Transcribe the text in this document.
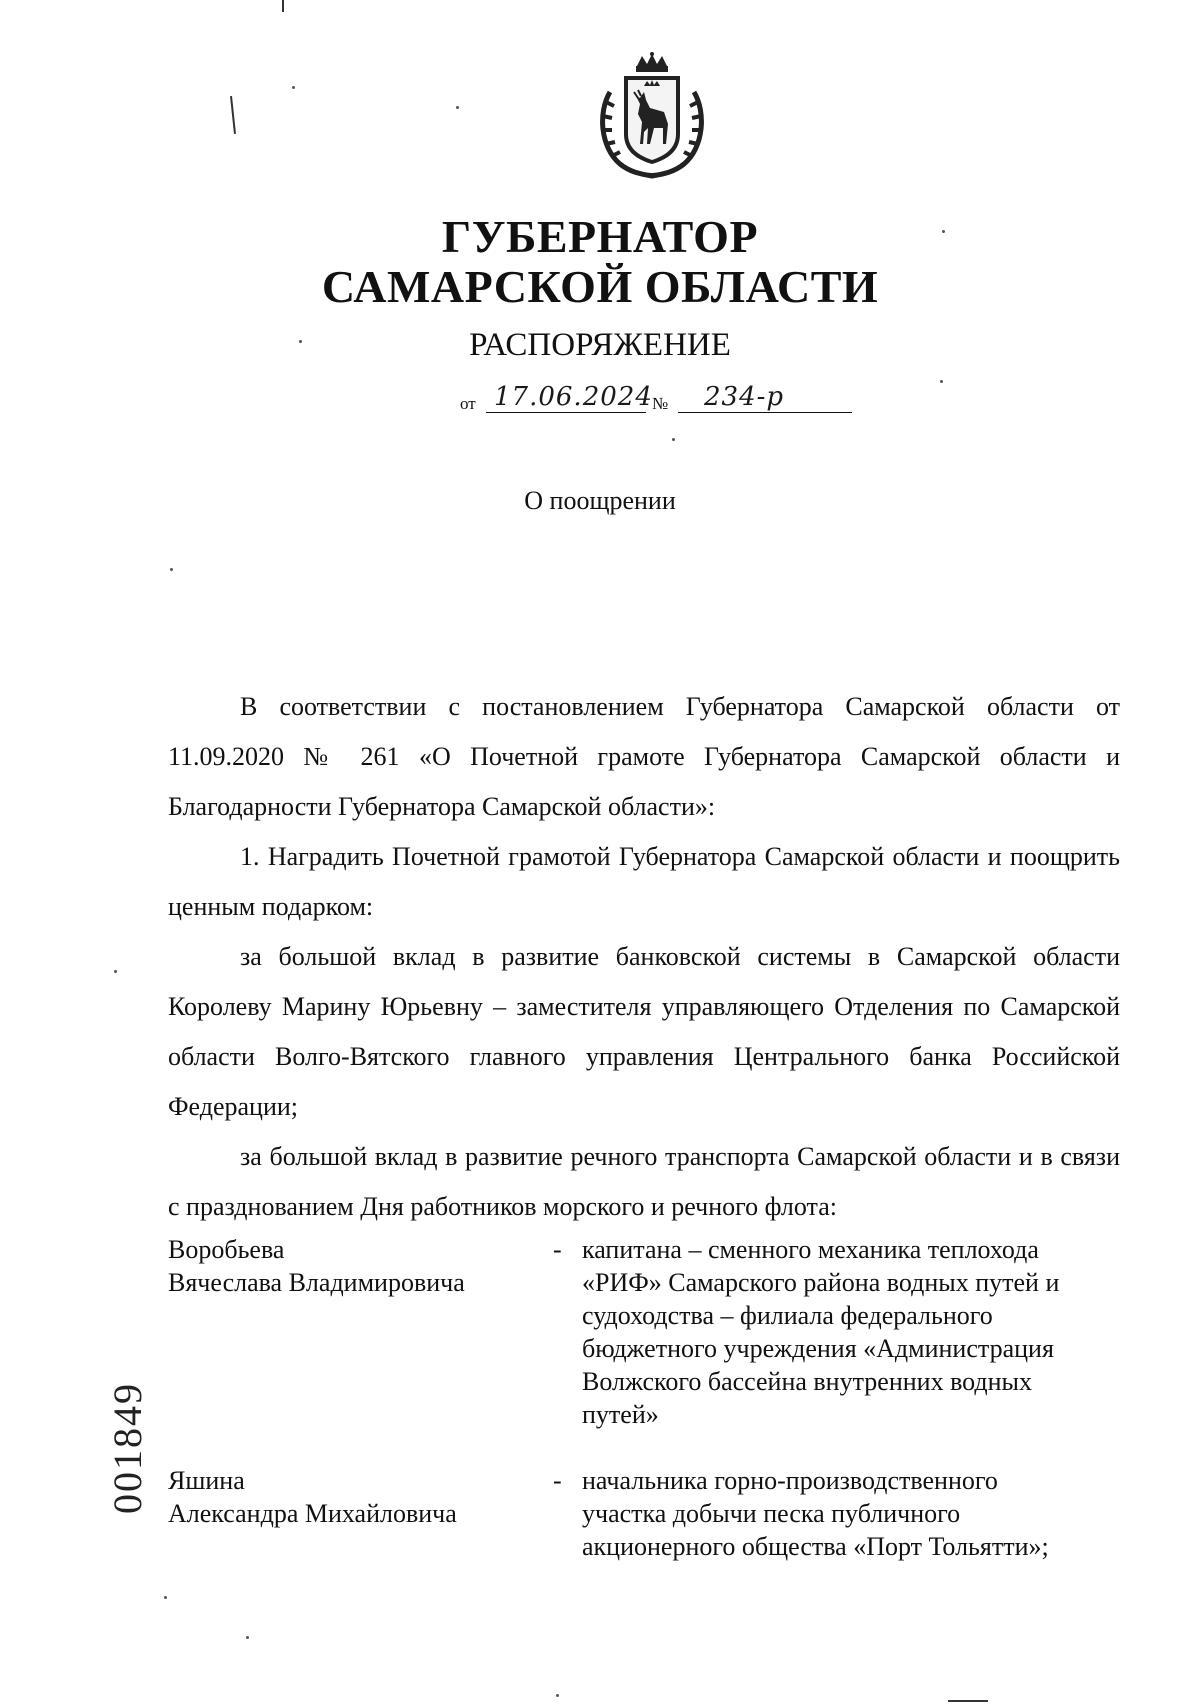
ГУБЕРНАТОР
САМАРСКОЙ ОБЛАСТИ
РАСПОРЯЖЕНИЕ
от 17.06.2024 № 234-р
О поощрении

В соответствии с постановлением Губернатора Самарской области от 11.09.2020 № 261 «О Почетной грамоте Губернатора Самарской области и Благодарности Губернатора Самарской области»:

1. Наградить Почетной грамотой Губернатора Самарской области и поощрить ценным подарком:

за большой вклад в развитие банковской системы в Самарской области Королеву Марину Юрьевну – заместителя управляющего Отделения по Самарской области Волго-Вятского главного управления Центрального банка Российской Федерации;

за большой вклад в развитие речного транспорта Самарской области и в связи с празднованием Дня работников морского и речного флота:

Воробьева
Вячеслава Владимировича
- капитана – сменного механика теплохода
«РИФ» Самарского района водных путей и
судоходства – филиала федерального
бюджетного учреждения «Администрация
Волжского бассейна внутренних водных
путей»
Яшина
Александра Михайловича
- начальника горно-производственного
участка добычи песка публичного
акционерного общества «Порт Тольятти»;
001849
